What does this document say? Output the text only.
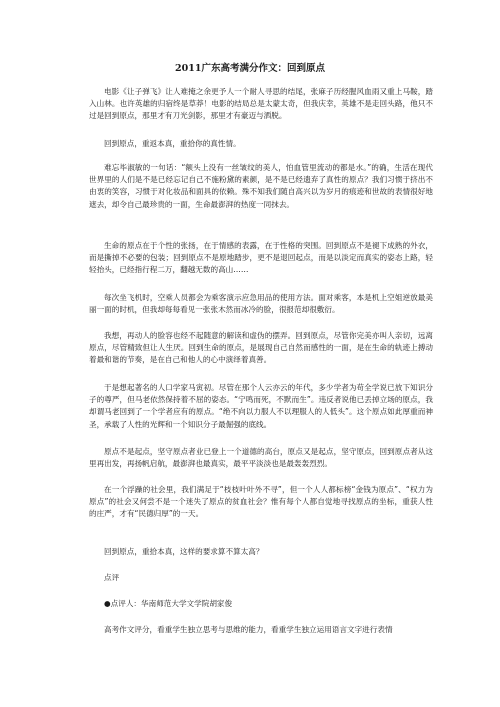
2011广东高考满分作文：回到原点

电影《让子弹飞》让人难掩之余更予人一个耐人寻思的结尾，张麻子历经腥风血雨又重上马鞍，踏入山林。也许英雄的归宿终是草莽！电影的结局总是太蒙太奇，但我庆幸，英雄不是走回头路，他只不过是回到原点，那里才有刀光剑影，那里才有豪迈与洒脱。

回到原点，重返本真，重拾你的真性情。

难忘毕淑敏的一句话：“额头上没有一丝皱纹的美人，怕血管里流动的都是水。”的确，生活在现代世界里的人们是不是已经忘记自己不施粉黛的素颜，是不是已经遗弃了真性的原点？我们习惯于挤出不由衷的笑容，习惯于对化妆品和面具的依赖。殊不知我们随自高兴以为岁月的痕迹和世故的表情很好地遮去，却令自己最珍贵的一面，生命最澎湃的热度一同抹去。

生命的原点在于个性的张扬，在于情感的表露，在于性格的突围。回到原点不是褪下成熟的外衣，而是撕掉不必要的包装；回到原点不是原地踏步，更不是退回起点，而是以淡定而真实的姿态上路，轻轻抬头，已经指行程二万，翻越无数的高山……

每次坐飞机时，空乘人员都会为乘客演示应急用品的使用方法。面对乘客，本是机上空姐逆放最美丽一面的时机，但我却每每看见一张张木然而冰冷的脸，很报范却很敷衍。

我想，再动人的脸容也经不起随意的解读和虚伪的摆弄。回到原点，尽管你完美亦叫人亲切，远离原点，尽管精致但让人生厌。回到生命的原点，是展现自己自然而感性的一面，是在生命的轨迹上搏动着最和谐的节奏，是在自己和他人的心中演绎着真善。

于是想起著名的人口学家马寅初。尽管在那个人云亦云的年代，多少学者为苟全学说已放下知识分子的尊严，但马老依然保持着不屈的姿态。“宁鸣而死，不默而生”。违反者说他已丢掉立场的原点，我却谓马老回到了一个学者应有的原点。“绝不向以力服人不以理服人的人低头”。这个原点如此厚重而神圣，承载了人性的光辉和一个知识分子最倔强的底线。

原点不是起点，坚守原点者业已登上一个道德的高台，原点又是起点，坚守原点，回到原点者从这里再出发，再扬帆启航，最澎湃也最真实，最平平淡淡也是最轰轰烈烈。

在一个浮躁的社会里，我们满足于“枝枝叶叶外不寻”，但一个人人都标榜“金钱为原点”、“权力为原点”的社会又何尝不是一个迷失了原点的贫血社会？惟有每个人都自觉地寻找原点的坐标，重获人性的庄严，才有“民德归厚”的一天。

回到原点，重拾本真，这样的要求算不算太高？

点评

●点评人：华南师范大学文学院胡家俊

高考作文评分，看重学生独立思考与思维的能力，看重学生独立运用语言文字进行表情
